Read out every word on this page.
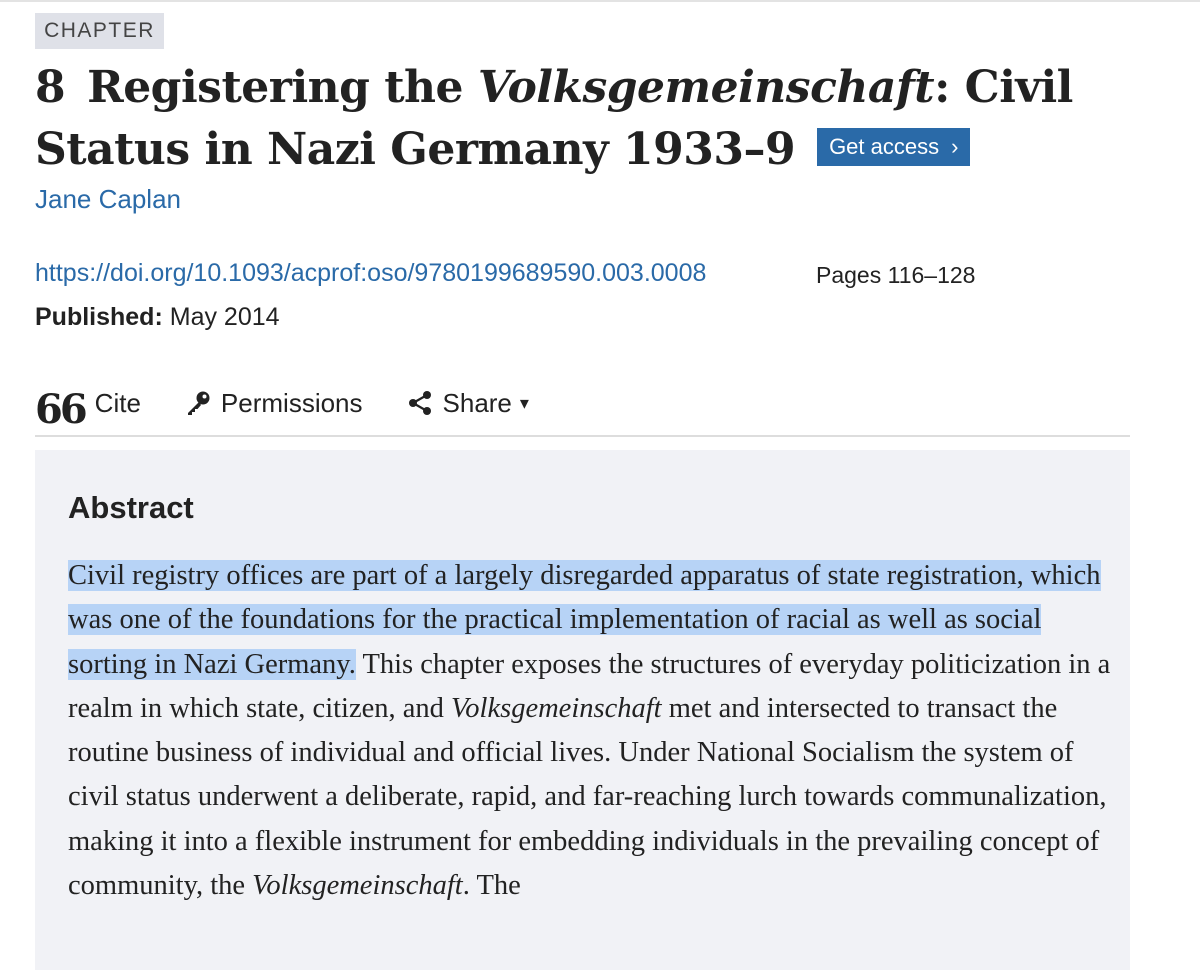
CHAPTER
8 Registering the Volksgemeinschaft: Civil Status in Nazi Germany 1933–9 Get access ›
Jane Caplan
https://doi.org/10.1093/acprof:oso/9780199689590.003.0008	Pages 116–128
Published: May 2014
66 Cite	Permissions	Share ▾
Abstract

Civil registry offices are part of a largely disregarded apparatus of state registration, which was one of the foundations for the practical implementation of racial as well as social sorting in Nazi Germany. This chapter exposes the structures of everyday politicization in a realm in which state, citizen, and Volksgemeinschaft met and intersected to transact the routine business of individual and official lives. Under National Socialism the system of civil status underwent a deliberate, rapid, and far-reaching lurch towards communalization, making it into a flexible instrument for embedding individuals in the prevailing concept of community, the Volksgemeinschaft. The
